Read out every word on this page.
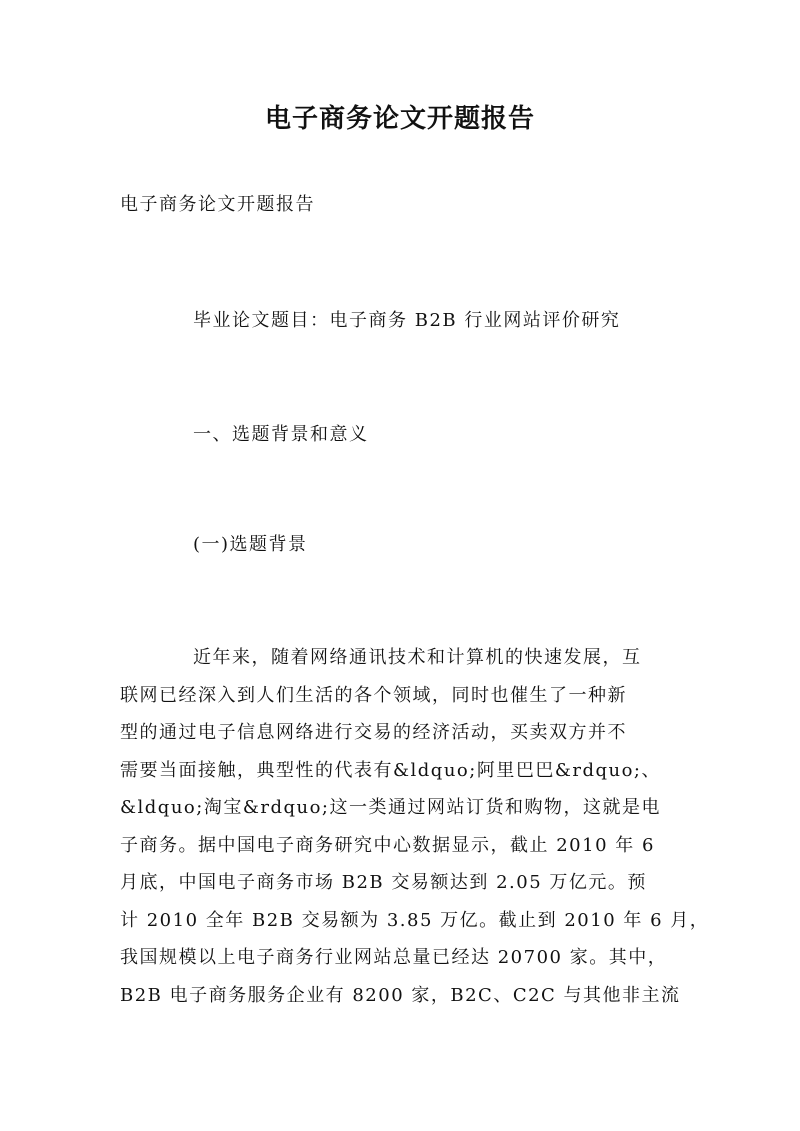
电子商务论文开题报告
电子商务论文开题报告
毕业论文题目：电子商务 B2B 行业网站评价研究
一、选题背景和意义
(一)选题背景
近年来，随着网络通讯技术和计算机的快速发展，互
联网已经深入到人们生活的各个领域，同时也催生了一种新
型的通过电子信息网络进行交易的经济活动，买卖双方并不
需要当面接触，典型性的代表有&ldquo;阿里巴巴&rdquo;、
&ldquo;淘宝&rdquo;这一类通过网站订货和购物，这就是电
子商务。据中国电子商务研究中心数据显示，截止 2010 年 6
月底，中国电子商务市场 B2B 交易额达到 2.05 万亿元。预
计 2010 全年 B2B 交易额为 3.85 万亿。截止到 2010 年 6 月，
我国规模以上电子商务行业网站总量已经达 20700 家。其中，
B2B 电子商务服务企业有 8200 家，B2C、C2C 与其他非主流
